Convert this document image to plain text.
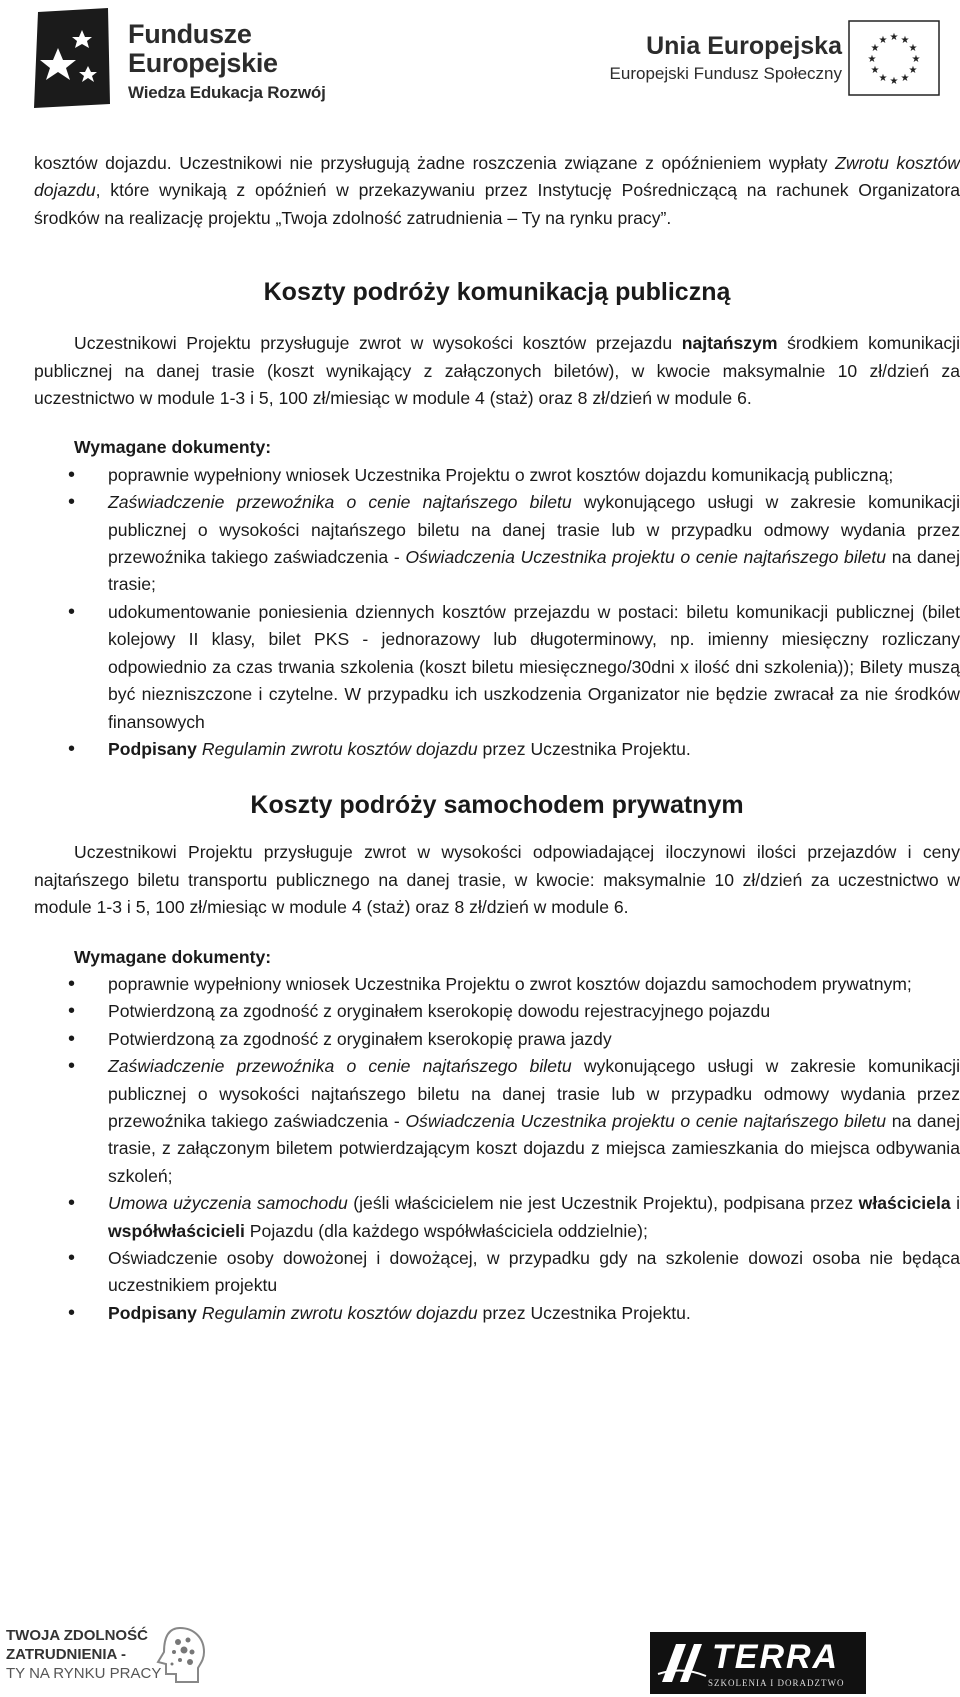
Fundusze
Europejskie
Wiedza Edukacja Rozwój
Unia Europejska
Europejski Fundusz Społeczny
★ ★
★
★
★
★
★
★
★
★
★
★

kosztów dojazdu. Uczestnikowi nie przysługują żadne roszczenia związane z opóźnieniem wypłaty Zwrotu kosztów dojazdu, które wynikają z opóźnień w przekazywaniu przez Instytucję Pośredniczącą na rachunek Organizatora środków na realizację projektu „Twoja zdolność zatrudnienia – Ty na rynku pracy”.

Koszty podróży komunikacją publiczną

Uczestnikowi Projektu przysługuje zwrot w wysokości kosztów przejazdu najtańszym środkiem komunikacji publicznej na danej trasie (koszt wynikający z załączonych biletów), w kwocie maksymalnie 10 zł/dzień za uczestnictwo w module 1-3 i 5, 100 zł/miesiąc w module 4 (staż) oraz 8 zł/dzień w module 6.

Wymagane dokumenty:

• poprawnie wypełniony wniosek Uczestnika Projektu o zwrot kosztów dojazdu komunikacją publiczną;
• Zaświadczenie przewoźnika o cenie najtańszego biletu wykonującego usługi w zakresie komunikacji publicznej o wysokości najtańszego biletu na danej trasie lub w przypadku odmowy wydania przez przewoźnika takiego zaświadczenia - Oświadczenia Uczestnika projektu o cenie najtańszego biletu na danej trasie;
• udokumentowanie poniesienia dziennych kosztów przejazdu w postaci: biletu komunikacji publicznej (bilet kolejowy II klasy, bilet PKS - jednorazowy lub długoterminowy, np. imienny miesięczny rozliczany odpowiednio za czas trwania szkolenia (koszt biletu miesięcznego/30dni x ilość dni szkolenia)); Bilety muszą być niezniszczone i czytelne. W przypadku ich uszkodzenia Organizator nie będzie zwracał za nie środków finansowych
• Podpisany Regulamin zwrotu kosztów dojazdu przez Uczestnika Projektu.
Koszty podróży samochodem prywatnym

Uczestnikowi Projektu przysługuje zwrot w wysokości odpowiadającej iloczynowi ilości przejazdów i ceny najtańszego biletu transportu publicznego na danej trasie, w kwocie: maksymalnie 10 zł/dzień za uczestnictwo w module 1-3 i 5, 100 zł/miesiąc w module 4 (staż) oraz 8 zł/dzień w module 6.

Wymagane dokumenty:

• poprawnie wypełniony wniosek Uczestnika Projektu o zwrot kosztów dojazdu samochodem prywatnym;
• Potwierdzoną za zgodność z oryginałem kserokopię dowodu rejestracyjnego pojazdu
• Potwierdzoną za zgodność z oryginałem kserokopię prawa jazdy
• Zaświadczenie przewoźnika o cenie najtańszego biletu wykonującego usługi w zakresie komunikacji publicznej o wysokości najtańszego biletu na danej trasie lub w przypadku odmowy wydania przez przewoźnika takiego zaświadczenia - Oświadczenia Uczestnika projektu o cenie najtańszego biletu na danej trasie, z załączonym biletem potwierdzającym koszt dojazdu z miejsca zamieszkania do miejsca odbywania szkoleń;
• Umowa użyczenia samochodu (jeśli właścicielem nie jest Uczestnik Projektu), podpisana przez właściciela i współwłaścicieli Pojazdu (dla każdego współwłaściciela oddzielnie);
• Oświadczenie osoby dowożonej i dowożącej, w przypadku gdy na szkolenie dowozi osoba nie będąca uczestnikiem projektu
• Podpisany Regulamin zwrotu kosztów dojazdu przez Uczestnika Projektu.
TWOJA ZDOLNOŚĆ
ZATRUDNIENIA -
TY NA RYNKU PRACY	TERRA
SZKOLENIA I DORADZTWO
